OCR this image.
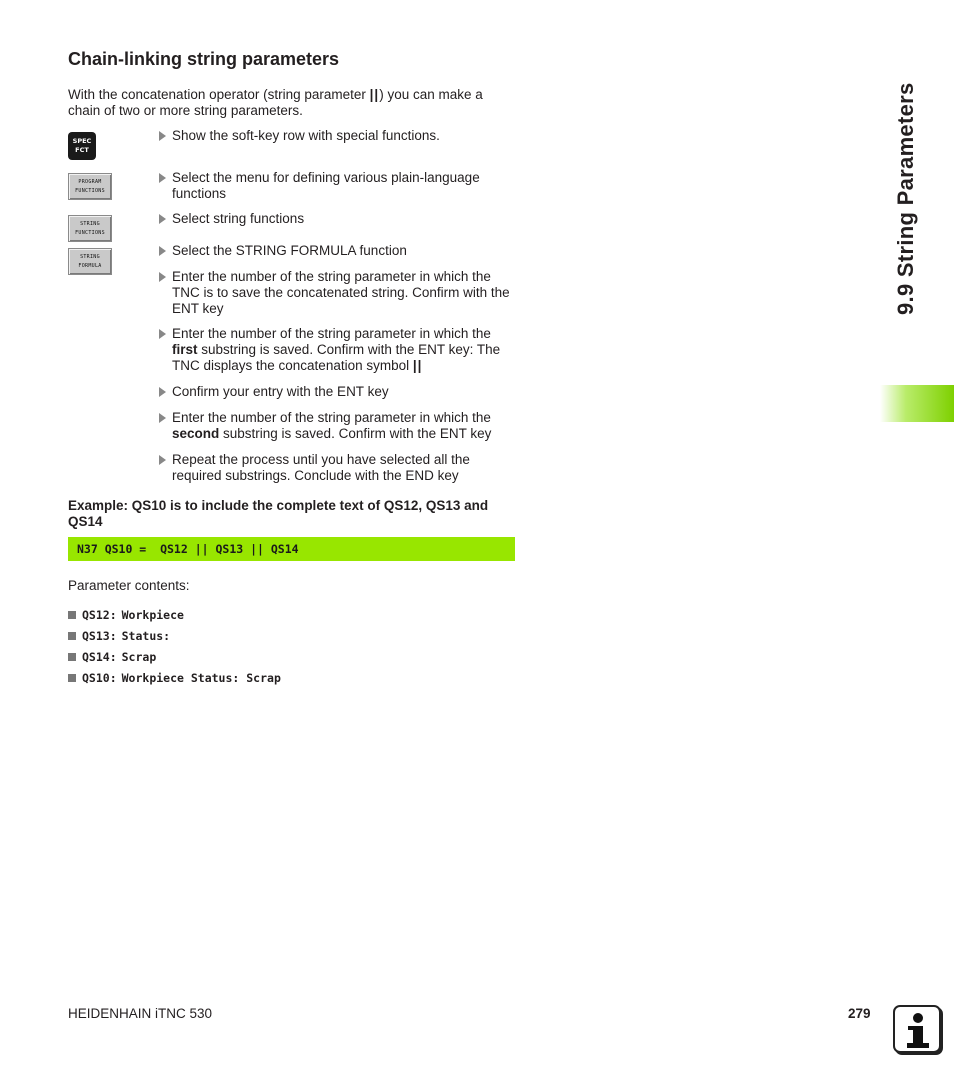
Chain-linking string parameters

With the concatenation operator (string parameter ||) you can make a chain of two or more string parameters.

SPEC
FCT
PROGRAM
FUNCTIONS
STRING
FUNCTIONS
STRING
FORMULA
Show the soft-key row with special functions.
Select the menu for defining various plain-language functions
Select string functions
Select the STRING FORMULA function
Enter the number of the string parameter in which the TNC is to save the concatenated string. Confirm with the ENT key
Enter the number of the string parameter in which the first substring is saved. Confirm with the ENT key: The TNC displays the concatenation symbol ||
Confirm your entry with the ENT key
Enter the number of the string parameter in which the second substring is saved. Confirm with the ENT key
Repeat the process until you have selected all the required substrings. Conclude with the END key

Example: QS10 is to include the complete text of QS12, QS13 and QS14

N37 QS10 =  QS12 || QS13 || QS14
Parameter contents:
QS12: Workpiece
QS13: Status:
QS14: Scrap
QS10: Workpiece Status: Scrap
9.9 String Parameters
HEIDENHAIN iTNC 530	279
